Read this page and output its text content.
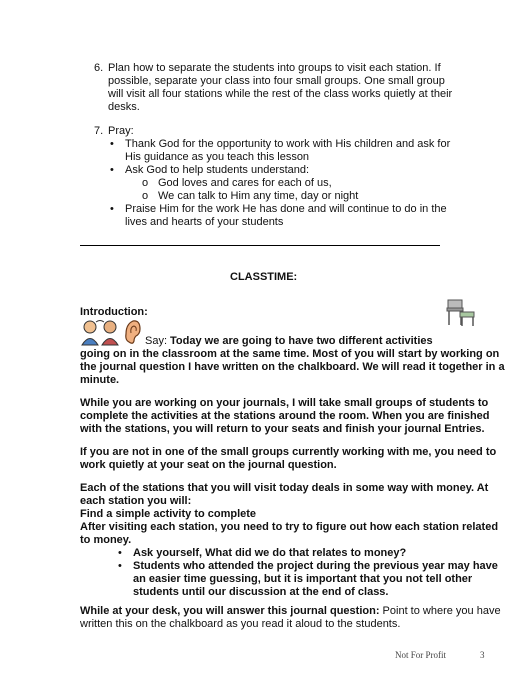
6. Plan how to separate the students into groups to visit each station. If
possible, separate your class into four small groups. One small group
will visit all four stations while the rest of the class works quietly at their
desks.
7. Pray:
• Thank God for the opportunity to work with His children and ask for
His guidance as you teach this lesson
• Ask God to help students understand:
o God loves and cares for each of us,
o We can talk to Him any time, day or night
• Praise Him for the work He has done and will continue to do in the
lives and hearts of your students
CLASSTIME:
Introduction:
Say: Today we are going to have two different activities
going on in the classroom at the same time. Most of you will start by working on
the journal question I have written on the chalkboard. We will read it together in a
minute.
While you are working on your journals, I will take small groups of students to
complete the activities at the stations around the room. When you are finished
with the stations, you will return to your seats and finish your journal Entries.
If you are not in one of the small groups currently working with me, you need to
work quietly at your seat on the journal question.
Each of the stations that you will visit today deals in some way with money. At
each station you will:
Find a simple activity to complete
After visiting each station, you need to try to figure out how each station related
to money.
• Ask yourself, What did we do that relates to money?
• Students who attended the project during the previous year may have
an easier time guessing, but it is important that you not tell other
students until our discussion at the end of class.
While at your desk, you will answer this journal question: Point to where you have
written this on the chalkboard as you read it aloud to the students.
Not For Profit	3
